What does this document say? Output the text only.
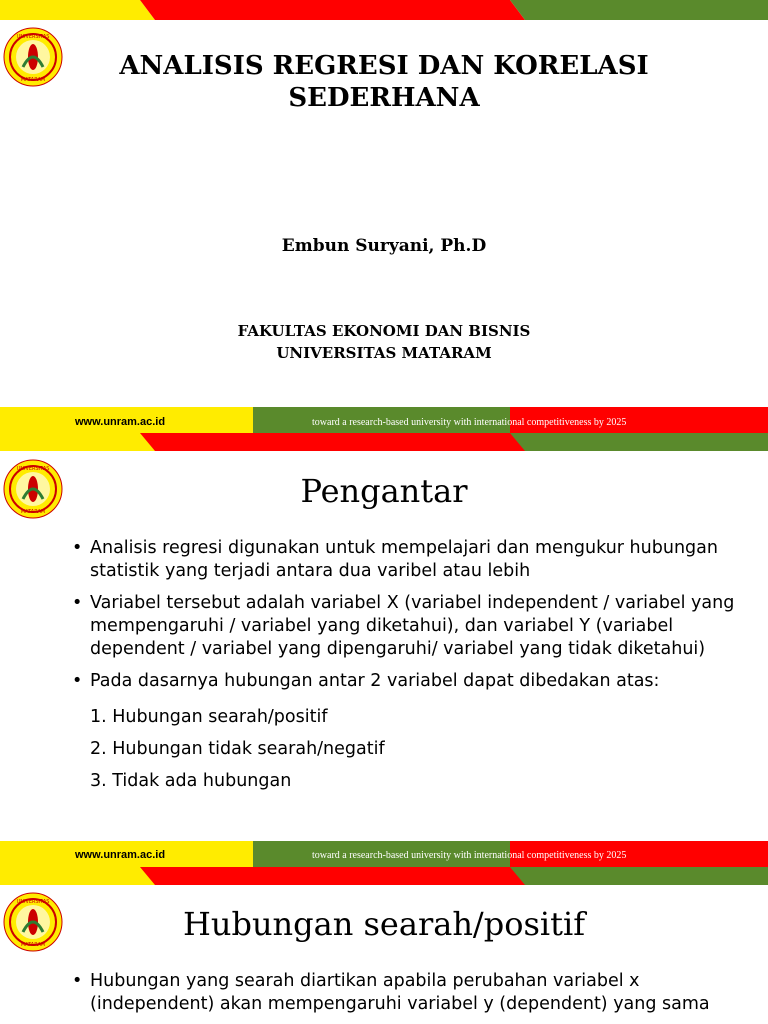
UNIVERSITAS
MATARAM	ANALISIS REGRESI DAN KORELASI
SEDERHANA
Embun Suryani, Ph.D
FAKULTAS EKONOMI DAN BISNIS
UNIVERSITAS MATARAM
www.unram.ac.id	toward a research-based university with international competitiveness by 2025
UNIVERSITAS
MATARAM
Pengantar
• Analisis regresi digunakan untuk mempelajari dan mengukur hubungan statistik yang terjadi antara dua varibel atau lebih
• Variabel tersebut adalah variabel X (variabel independent / variabel yang mempengaruhi / variabel yang diketahui), dan variabel Y (variabel dependent / variabel yang dipengaruhi/ variabel yang tidak diketahui)
• Pada dasarnya hubungan antar 2 variabel dapat dibedakan atas:
1. Hubungan searah/positif
2. Hubungan tidak searah/negatif
3. Tidak ada hubungan
www.unram.ac.id	toward a research-based university with international competitiveness by 2025
UNIVERSITAS
MATARAM
Hubungan searah/positif
• Hubungan yang searah diartikan apabila perubahan variabel x (independent) akan mempengaruhi variabel y (dependent) yang sama
